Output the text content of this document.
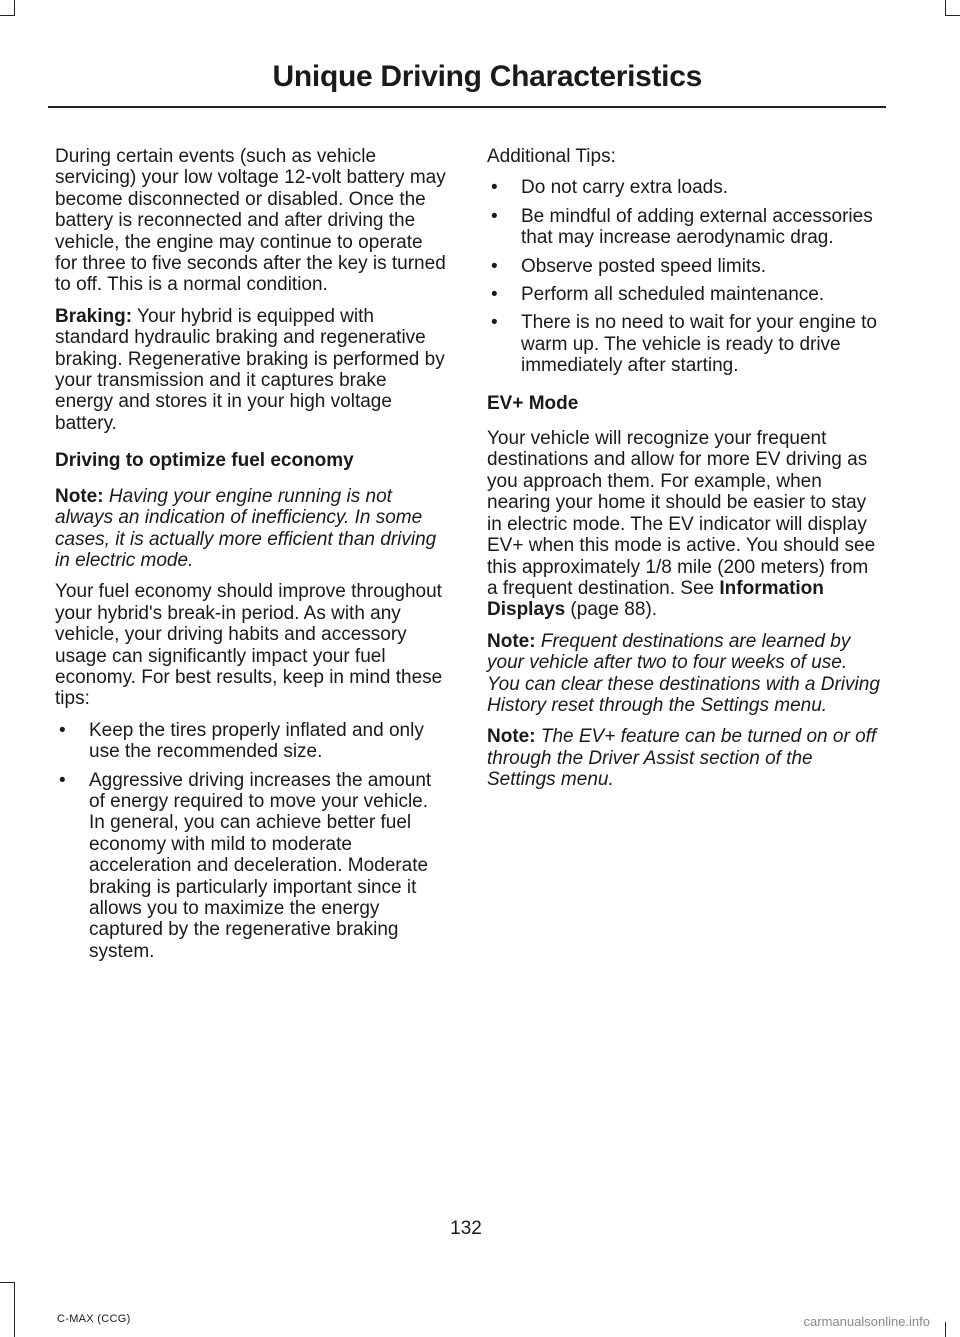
Unique Driving Characteristics

During certain events (such as vehicle servicing) your low voltage 12-volt battery may become disconnected or disabled. Once the battery is reconnected and after driving the vehicle, the engine may continue to operate for three to five seconds after the key is turned to off. This is a normal condition.

Braking: Your hybrid is equipped with standard hydraulic braking and regenerative braking. Regenerative braking is performed by your transmission and it captures brake energy and stores it in your high voltage battery.

Driving to optimize fuel economy

Note: Having your engine running is not always an indication of inefficiency. In some cases, it is actually more efficient than driving in electric mode.

Your fuel economy should improve throughout your hybrid's break-in period. As with any vehicle, your driving habits and accessory usage can significantly impact your fuel economy. For best results, keep in mind these tips:

• Keep the tires properly inflated and only use the recommended size.
• Aggressive driving increases the amount of energy required to move your vehicle. In general, you can achieve better fuel economy with mild to moderate acceleration and deceleration. Moderate braking is particularly important since it allows you to maximize the energy captured by the regenerative braking system.

Additional Tips:

• Do not carry extra loads.
• Be mindful of adding external accessories that may increase aerodynamic drag.
• Observe posted speed limits.
• Perform all scheduled maintenance.
• There is no need to wait for your engine to warm up. The vehicle is ready to drive immediately after starting.
EV+ Mode

Your vehicle will recognize your frequent destinations and allow for more EV driving as you approach them. For example, when nearing your home it should be easier to stay in electric mode. The EV indicator will display EV+ when this mode is active. You should see this approximately 1/8 mile (200 meters) from a frequent destination. See Information Displays (page 88).

Note: Frequent destinations are learned by your vehicle after two to four weeks of use. You can clear these destinations with a Driving History reset through the Settings menu.

Note: The EV+ feature can be turned on or off through the Driver Assist section of the Settings menu.

132
C-MAX (CCG)	carmanualsonline.info
